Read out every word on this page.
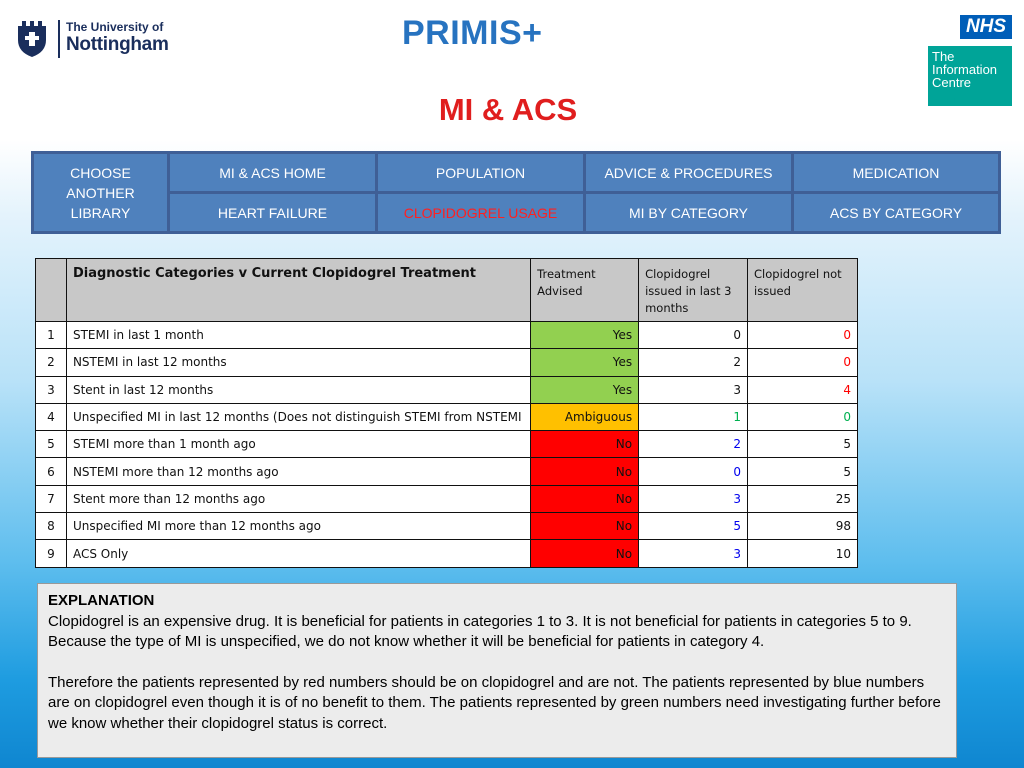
The University of
Nottingham	PRIMIS+	NHS
The
Information
Centre
for health and social care
MI & ACS
CHOOSE
ANOTHER
LIBRARY
MI & ACS HOME	POPULATION	ADVICE & PROCEDURES	MEDICATION
HEART FAILURE	CLOPIDOGREL USAGE	MI BY CATEGORY	ACS BY CATEGORY
	Diagnostic Categories v Current Clopidogrel Treatment	Treatment Advised	Clopidogrel issued in last 3 months	Clopidogrel not issued
1	STEMI in last 1 month	Yes	0	0
2	NSTEMI in last 12 months	Yes	2	0
3	Stent in last 12 months	Yes	3	4
4	Unspecified MI in last 12 months (Does not distinguish STEMI from NSTEMI	Ambiguous	1	0
5	STEMI more than 1 month ago	No	2	5
6	NSTEMI more than 12 months ago	No	0	5
7	Stent more than 12 months ago	No	3	25
8	Unspecified MI more than 12 months ago	No	5	98
9	ACS Only	No	3	10
EXPLANATION

Clopidogrel is an expensive drug. It is beneficial for patients in categories 1 to 3. It is not beneficial for patients in categories 5 to 9. Because the type of MI is unspecified, we do not know whether it will be beneficial for patients in category 4.

Therefore the patients represented by red numbers should be on clopidogrel and are not. The patients represented by blue numbers are on clopidogrel even though it is of no benefit to them. The patients represented by green numbers need investigating further before we know whether their clopidogrel status is correct.
